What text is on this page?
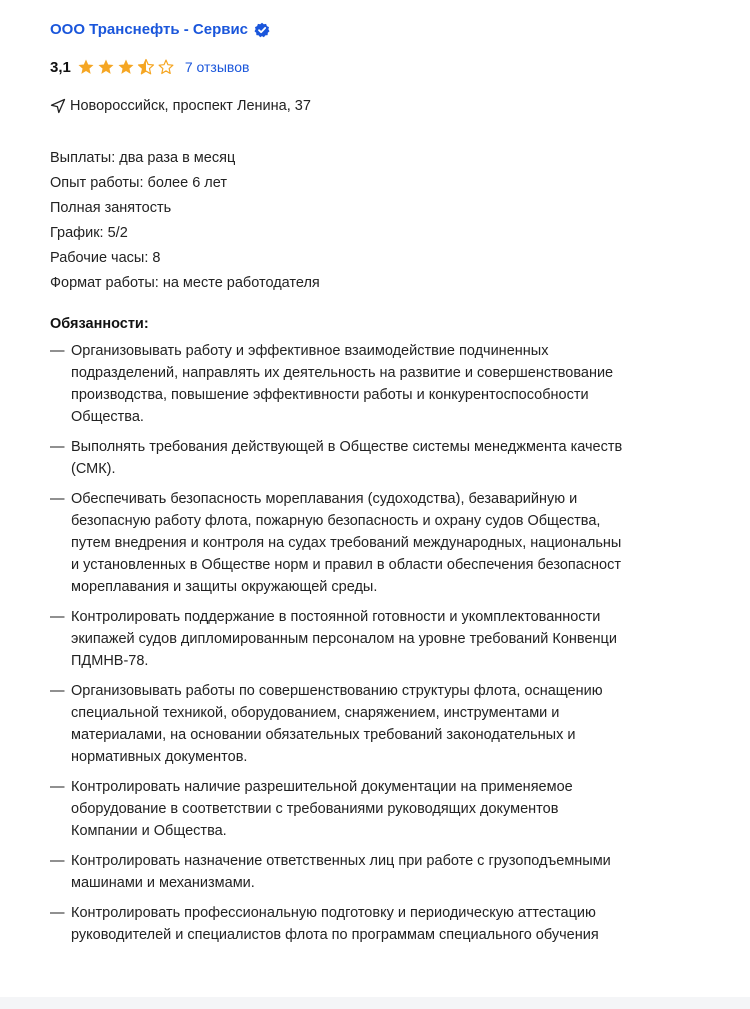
ООО Транснефть - Сервис
3,1	7 отзывов
Новороссийск, проспект Ленина, 37
Выплаты: два раза в месяц
Опыт работы: более 6 лет
Полная занятость
График: 5/2
Рабочие часы: 8
Формат работы: на месте работодателя
Обязанности:
— Организовывать работу и эффективное взаимодействие подчиненных
подразделений, направлять их деятельность на развитие и совершенствование
производства, повышение эффективности работы и конкурентоспособности
Общества.
— Выполнять требования действующей в Обществе системы менеджмента качеств
(СМК).
— Обеспечивать безопасность мореплавания (судоходства), безаварийную и
безопасную работу флота, пожарную безопасность и охрану судов Общества,
путем внедрения и контроля на судах требований международных, национальны
и установленных в Обществе норм и правил в области обеспечения безопасност
мореплавания и защиты окружающей среды.
— Контролировать поддержание в постоянной готовности и укомплектованности
экипажей судов дипломированным персоналом на уровне требований Конвенци
ПДМНВ-78.
— Организовывать работы по совершенствованию структуры флота, оснащению
специальной техникой, оборудованием, снаряжением, инструментами и
материалами, на основании обязательных требований законодательных и
нормативных документов.
— Контролировать наличие разрешительной документации на применяемое
оборудование в соответствии с требованиями руководящих документов
Компании и Общества.
— Контролировать назначение ответственных лиц при работе с грузоподъемными
машинами и механизмами.
— Контролировать профессиональную подготовку и периодическую аттестацию
руководителей и специалистов флота по программам специального обучения
